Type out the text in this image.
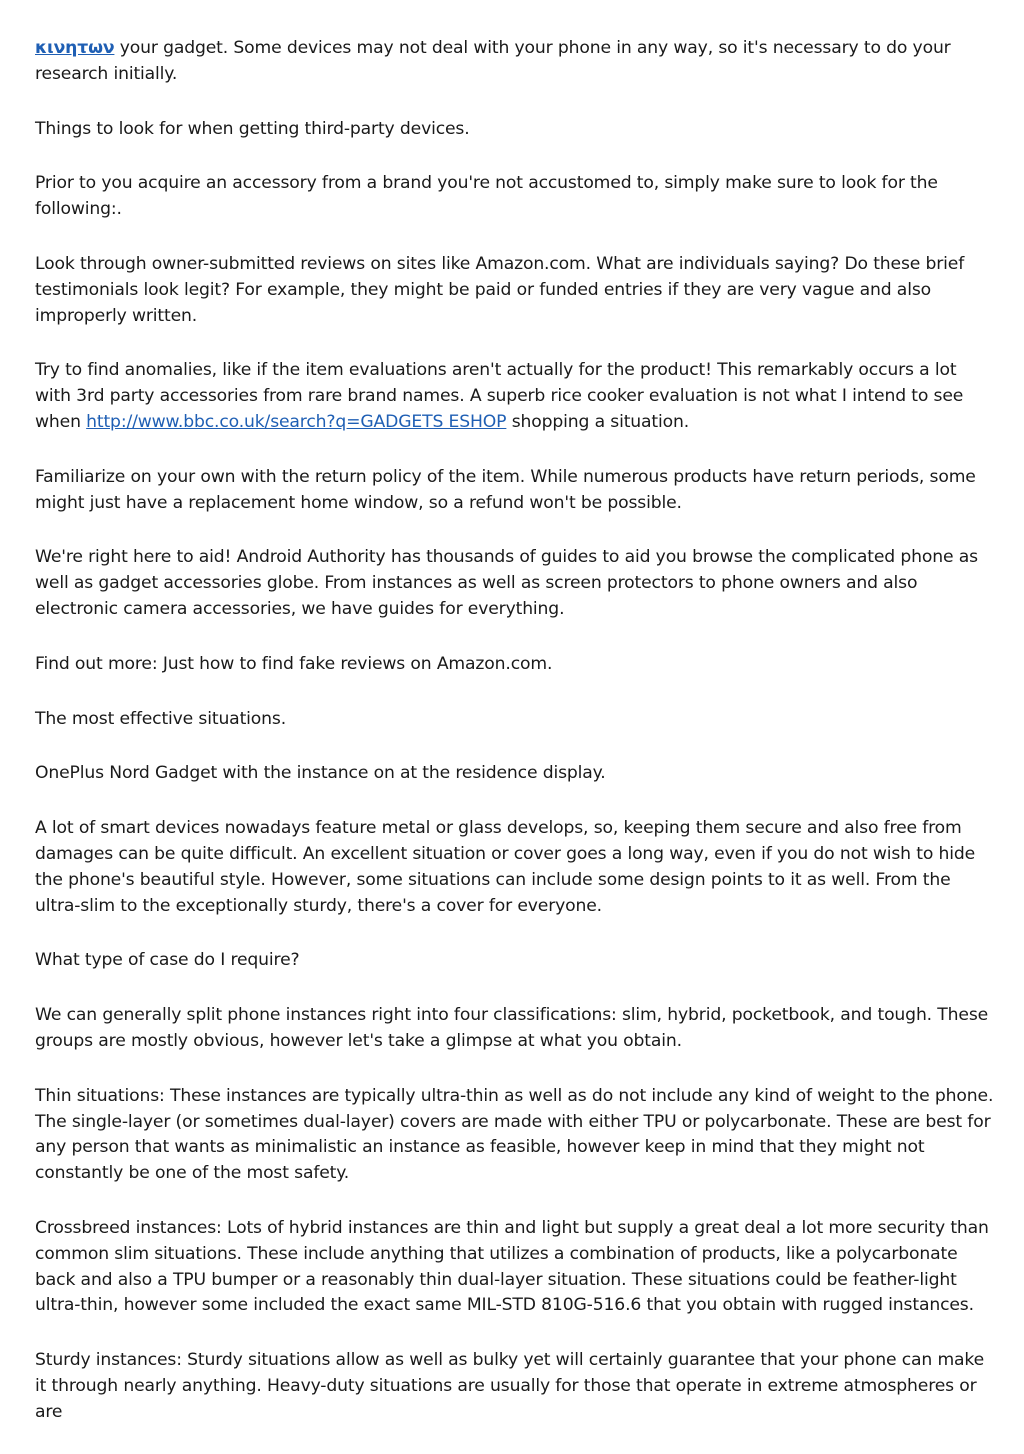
κινητων your gadget. Some devices may not deal with your phone in any way, so it's necessary to do your research initially.

Things to look for when getting third-party devices.

Prior to you acquire an accessory from a brand you're not accustomed to, simply make sure to look for the following:.

Look through owner-submitted reviews on sites like Amazon.com. What are individuals saying? Do these brief testimonials look legit? For example, they might be paid or funded entries if they are very vague and also improperly written.

Try to find anomalies, like if the item evaluations aren't actually for the product! This remarkably occurs a lot with 3rd party accessories from rare brand names. A superb rice cooker evaluation is not what I intend to see when http://www.bbc.co.uk/search?q=GADGETS ESHOP shopping a situation.

Familiarize on your own with the return policy of the item. While numerous products have return periods, some might just have a replacement home window, so a refund won't be possible.

We're right here to aid! Android Authority has thousands of guides to aid you browse the complicated phone as well as gadget accessories globe. From instances as well as screen protectors to phone owners and also electronic camera accessories, we have guides for everything.

Find out more: Just how to find fake reviews on Amazon.com.

The most effective situations.

OnePlus Nord Gadget with the instance on at the residence display.

A lot of smart devices nowadays feature metal or glass develops, so, keeping them secure and also free from damages can be quite difficult. An excellent situation or cover goes a long way, even if you do not wish to hide the phone's beautiful style. However, some situations can include some design points to it as well. From the ultra-slim to the exceptionally sturdy, there's a cover for everyone.

What type of case do I require?

We can generally split phone instances right into four classifications: slim, hybrid, pocketbook, and tough. These groups are mostly obvious, however let's take a glimpse at what you obtain.

Thin situations: These instances are typically ultra-thin as well as do not include any kind of weight to the phone. The single-layer (or sometimes dual-layer) covers are made with either TPU or polycarbonate. These are best for any person that wants as minimalistic an instance as feasible, however keep in mind that they might not constantly be one of the most safety.

Crossbreed instances: Lots of hybrid instances are thin and light but supply a great deal a lot more security than common slim situations. These include anything that utilizes a combination of products, like a polycarbonate back and also a TPU bumper or a reasonably thin dual-layer situation. These situations could be feather-light ultra-thin, however some included the exact same MIL-STD 810G-516.6 that you obtain with rugged instances.

Sturdy instances: Sturdy situations allow as well as bulky yet will certainly guarantee that your phone can make it through nearly anything. Heavy-duty situations are usually for those that operate in extreme atmospheres or are
